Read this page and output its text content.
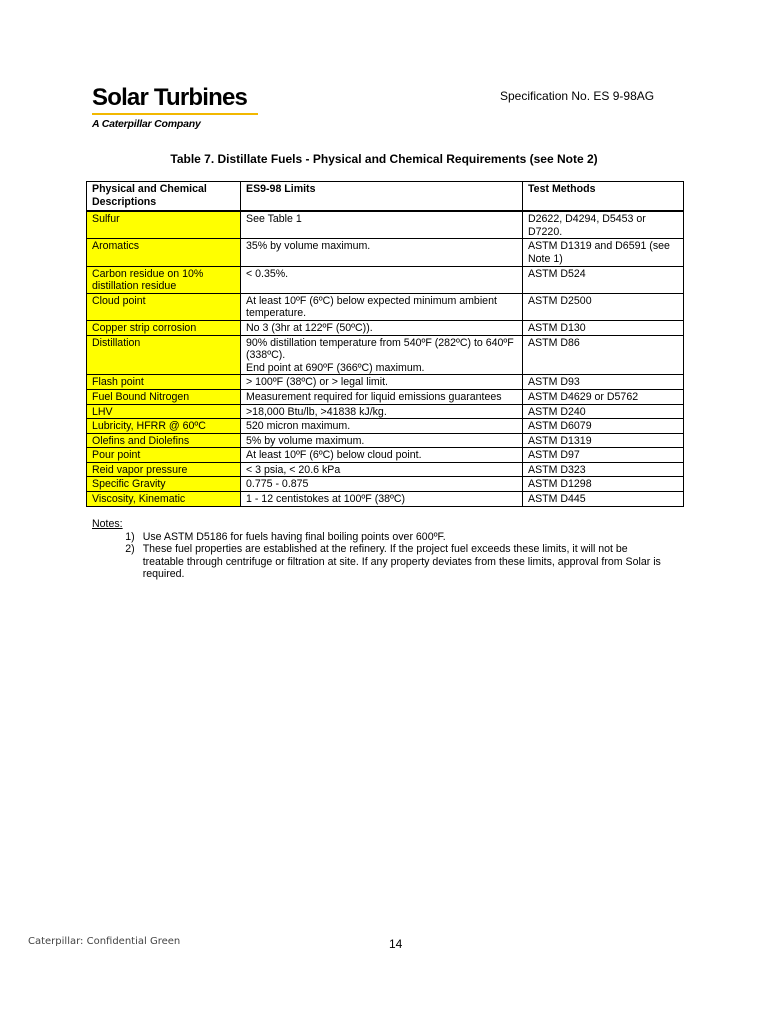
Solar Turbines
A Caterpillar Company
Specification No. ES 9-98AG
Table 7. Distillate Fuels - Physical and Chemical Requirements (see Note 2)
Physical and Chemical Descriptions	ES9-98 Limits	Test Methods
Sulfur	See Table 1	D2622, D4294, D5453 or D7220.
Aromatics	35% by volume maximum.	ASTM D1319 and D6591 (see Note 1)
Carbon residue on 10% distillation residue	< 0.35%.	ASTM D524
Cloud point	At least 10ºF (6ºC) below expected minimum ambient temperature.	ASTM D2500
Copper strip corrosion	No 3 (3hr at 122ºF (50ºC)).	ASTM D130
Distillation	90% distillation temperature from 540ºF (282ºC) to 640ºF (338ºC).
End point at 690ºF (366ºC) maximum.	ASTM D86
Flash point	> 100ºF (38ºC) or > legal limit.	ASTM D93
Fuel Bound Nitrogen	Measurement required for liquid emissions guarantees	ASTM D4629 or D5762
LHV	>18,000 Btu/lb, >41838 kJ/kg.	ASTM D240
Lubricity, HFRR @ 60ºC	520 micron maximum.	ASTM D6079
Olefins and Diolefins	5% by volume maximum.	ASTM D1319
Pour point	At least 10ºF (6ºC) below cloud point.	ASTM D97
Reid vapor pressure	< 3 psia, < 20.6 kPa	ASTM D323
Specific Gravity	0.775 - 0.875	ASTM D1298
Viscosity, Kinematic	1 - 12 centistokes at 100ºF (38ºC)	ASTM D445
Notes:
1) Use ASTM D5186 for fuels having final boiling points over 600ºF.
2) These fuel properties are established at the refinery. If the project fuel exceeds these limits, it will not be treatable through centrifuge or filtration at site. If any property deviates from these limits, approval from Solar is required.
Caterpillar: Confidential Green	14
